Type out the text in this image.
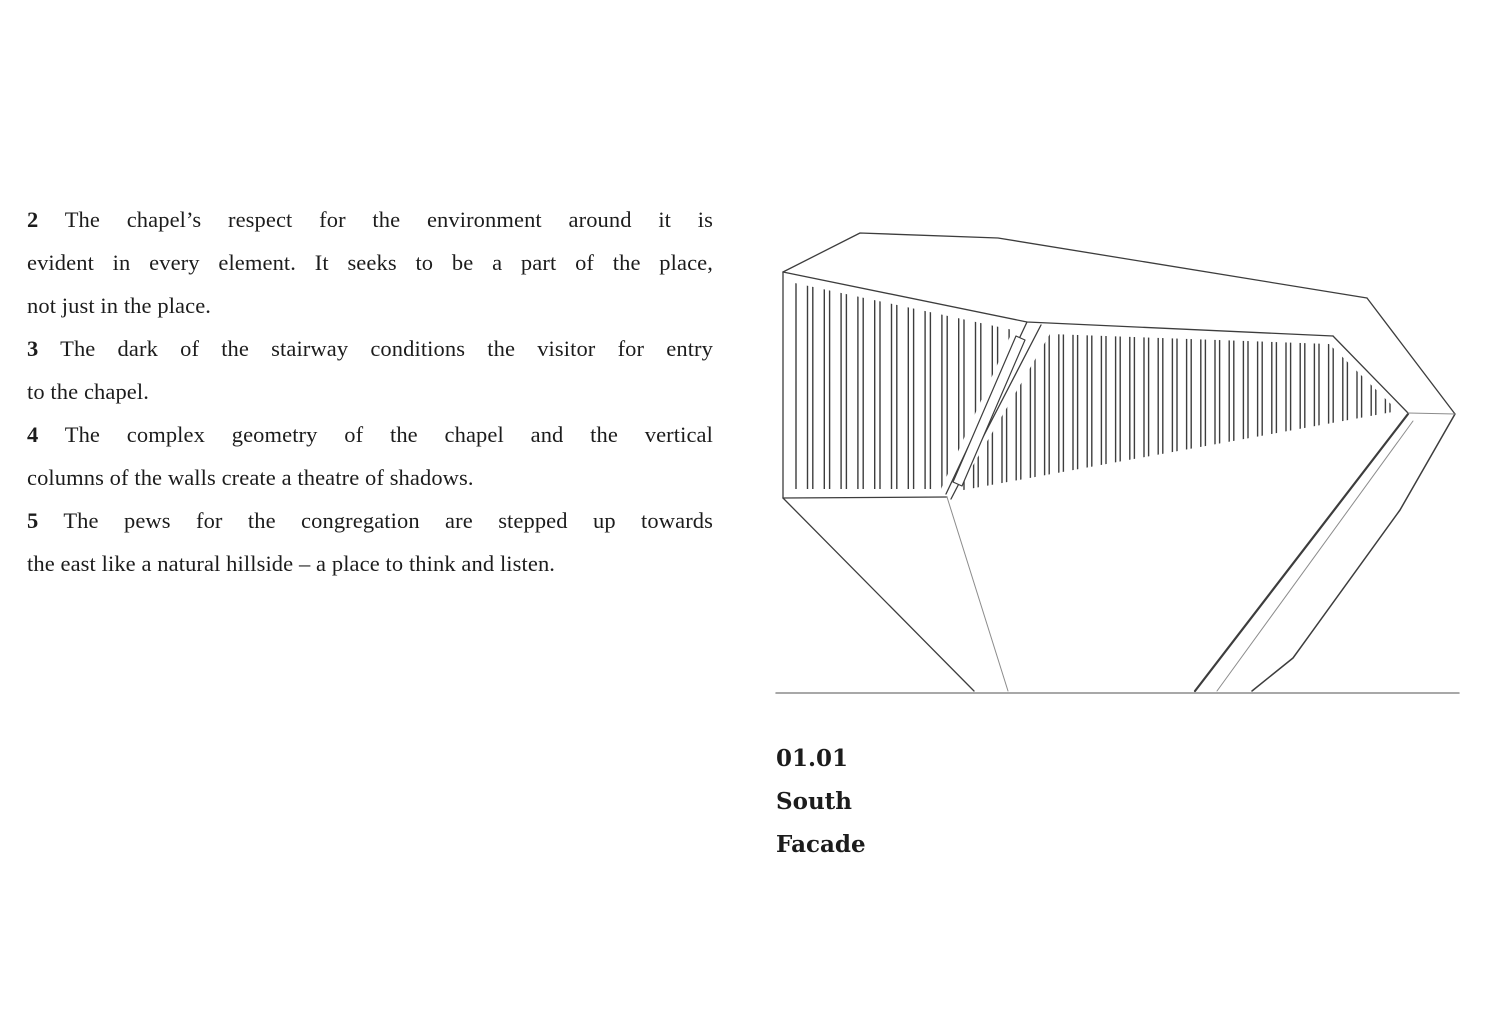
2 The chapel’s respect for the environment around it is
evident in every element. It seeks to be a part of the place,
not just in the place.
3 The dark of the stairway conditions the visitor for entry
to the chapel.
4 The complex geometry of the chapel and the vertical
columns of the walls create a theatre of shadows.
5 The pews for the congregation are stepped up towards
the east like a natural hillside – a place to think and listen.
01.01
South Facade
